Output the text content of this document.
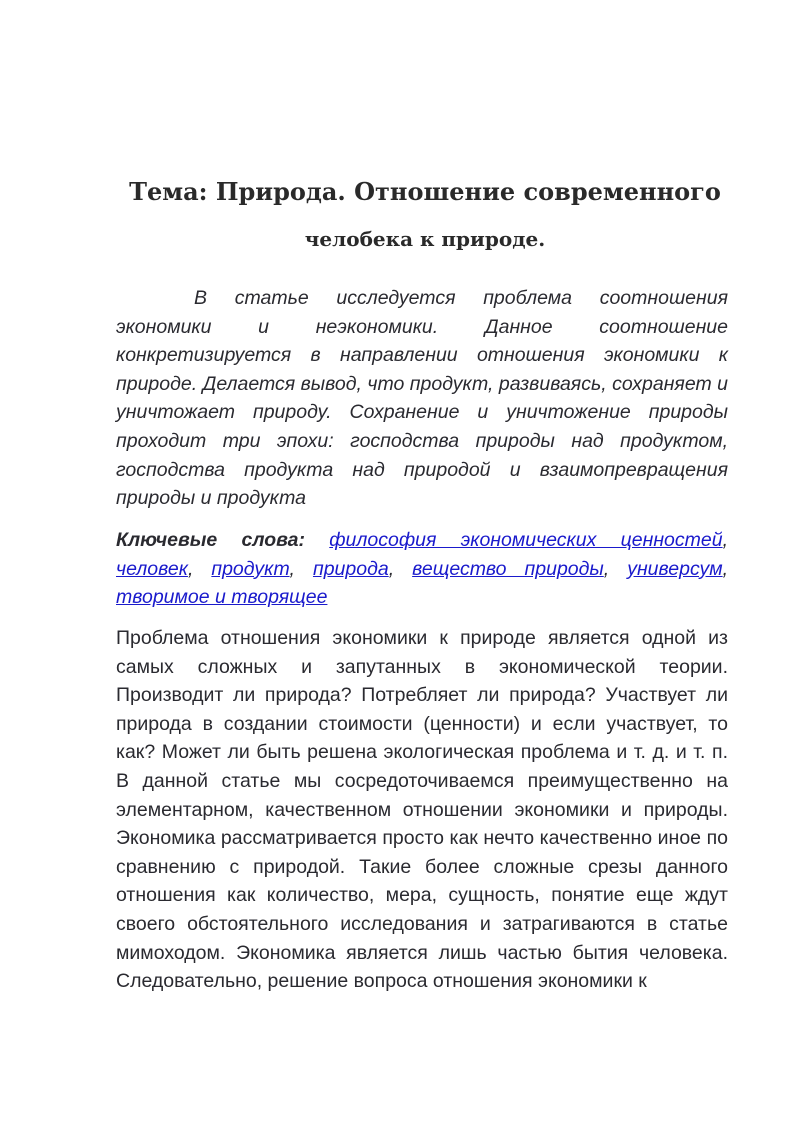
Тема: Природа. Отношение современного
челобека к природе.

В статье исследуется проблема соотношения экономики и неэкономики. Данное соотношение конкретизируется в направлении отношения экономики к природе. Делается вывод, что продукт, развиваясь, сохраняет и уничтожает природу. Сохранение и уничтожение природы проходит три эпохи: господства природы над продуктом, господства продукта над природой и взаимопревращения природы и продукта

Ключевые слова: философия экономических ценностей, человек, продукт, природа, вещество природы, универсум, творимое и творящее

Проблема отношения экономики к природе является одной из самых сложных и запутанных в экономической теории. Производит ли природа? Потребляет ли природа? Участвует ли природа в создании стоимости (ценности) и если участвует, то как? Может ли быть решена экологическая проблема и т. д. и т. п.

В данной статье мы сосредоточиваемся преимущественно на элементарном, качественном отношении экономики и природы. Экономика рассматривается просто как нечто качественно иное по сравнению с природой. Такие более сложные срезы данного отношения как количество, мера, сущность, понятие еще ждут своего обстоятельного исследования и затрагиваются в статье мимоходом. Экономика является лишь частью бытия человека. Следовательно, решение вопроса отношения экономики к
